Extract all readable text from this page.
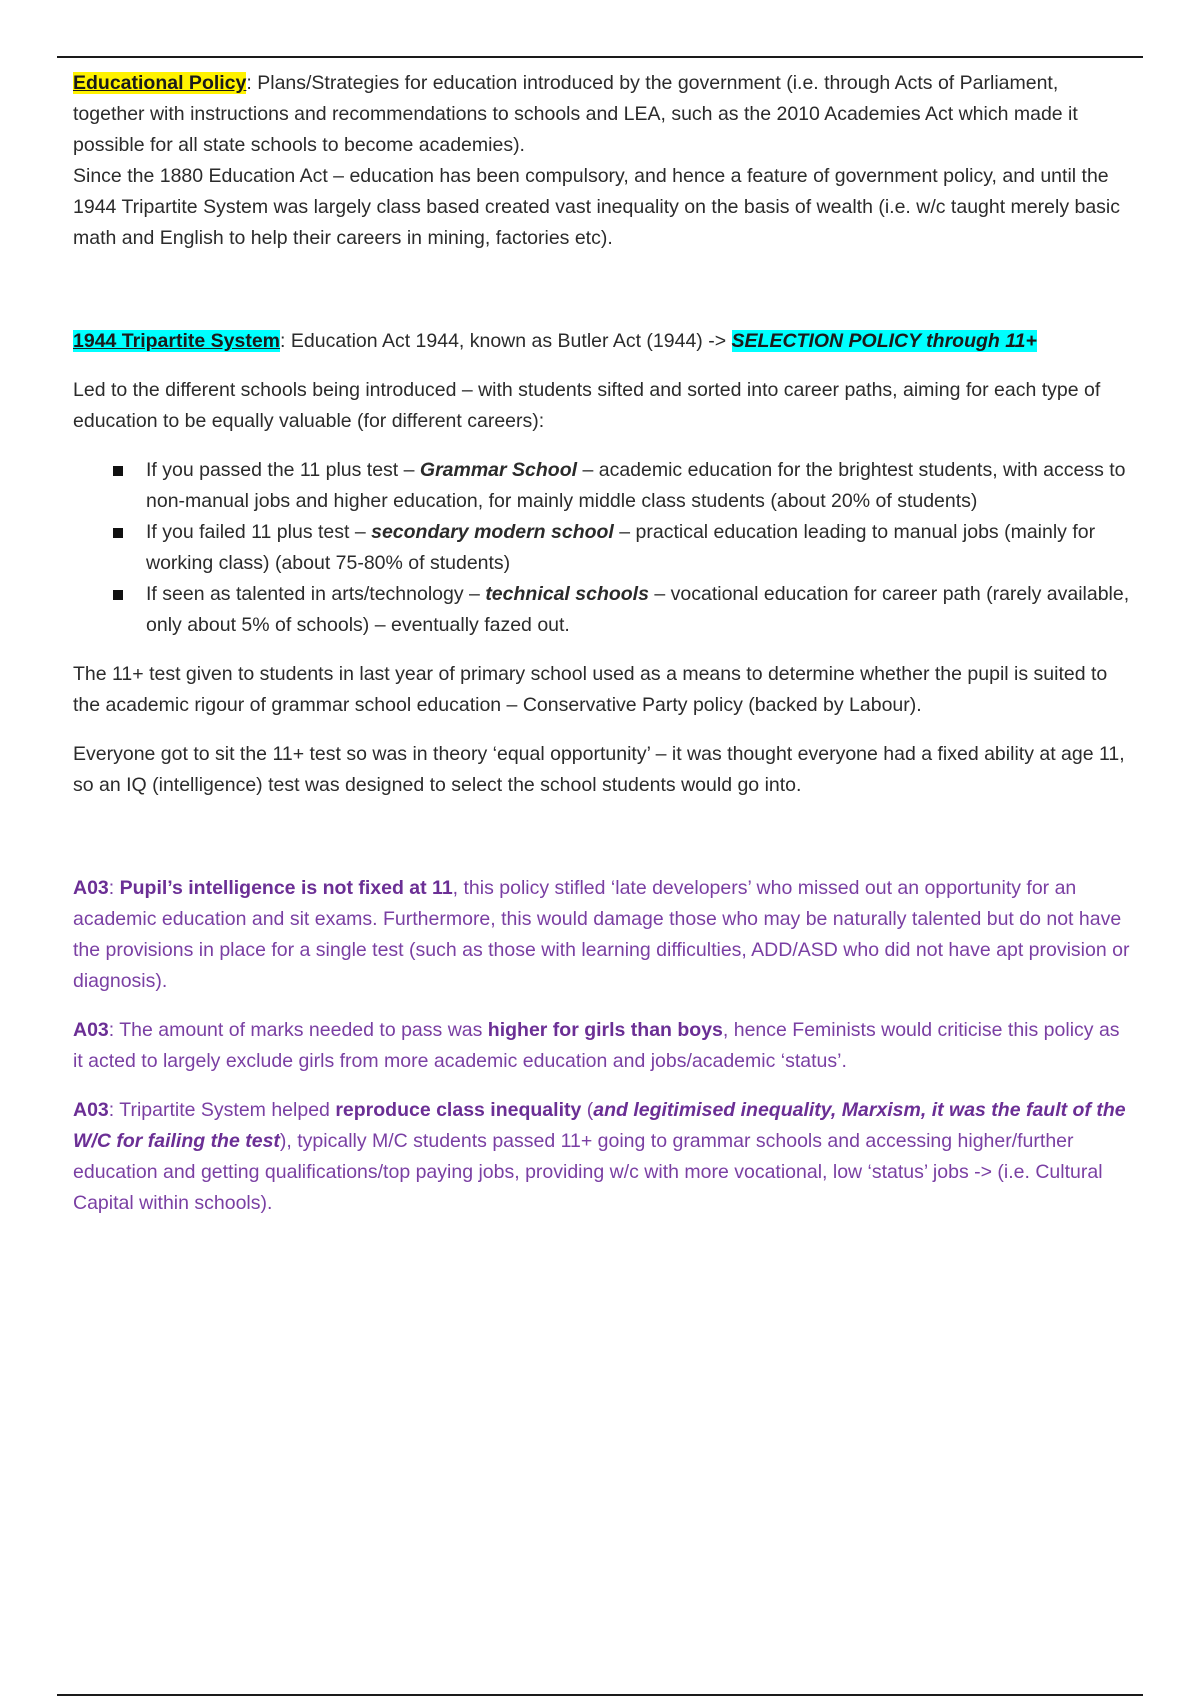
Educational Policy: Plans/Strategies for education introduced by the government (i.e. through Acts of Parliament, together with instructions and recommendations to schools and LEA, such as the 2010 Academies Act which made it possible for all state schools to become academies).

Since the 1880 Education Act – education has been compulsory, and hence a feature of government policy, and until the 1944 Tripartite System was largely class based created vast inequality on the basis of wealth (i.e. w/c taught merely basic math and English to help their careers in mining, factories etc).

1944 Tripartite System: Education Act 1944, known as Butler Act (1944) -> SELECTION POLICY through 11+

Led to the different schools being introduced – with students sifted and sorted into career paths, aiming for each type of education to be equally valuable (for different careers):

If you passed the 11 plus test – Grammar School – academic education for the brightest students, with access to non-manual jobs and higher education, for mainly middle class students (about 20% of students)
If you failed 11 plus test – secondary modern school – practical education leading to manual jobs (mainly for working class) (about 75-80% of students)
If seen as talented in arts/technology – technical schools – vocational education for career path (rarely available, only about 5% of schools) – eventually fazed out.

The 11+ test given to students in last year of primary school used as a means to determine whether the pupil is suited to the academic rigour of grammar school education – Conservative Party policy (backed by Labour).

Everyone got to sit the 11+ test so was in theory ‘equal opportunity’ – it was thought everyone had a fixed ability at age 11, so an IQ (intelligence) test was designed to select the school students would go into.

A03: Pupil’s intelligence is not fixed at 11, this policy stifled ‘late developers’ who missed out an opportunity for an academic education and sit exams. Furthermore, this would damage those who may be naturally talented but do not have the provisions in place for a single test (such as those with learning difficulties, ADD/ASD who did not have apt provision or diagnosis).

A03: The amount of marks needed to pass was higher for girls than boys, hence Feminists would criticise this policy as it acted to largely exclude girls from more academic education and jobs/academic ‘status’.

A03: Tripartite System helped reproduce class inequality (and legitimised inequality, Marxism, it was the fault of the W/C for failing the test), typically M/C students passed 11+ going to grammar schools and accessing higher/further education and getting qualifications/top paying jobs, providing w/c with more vocational, low ‘status’ jobs -> (i.e. Cultural Capital within schools).
